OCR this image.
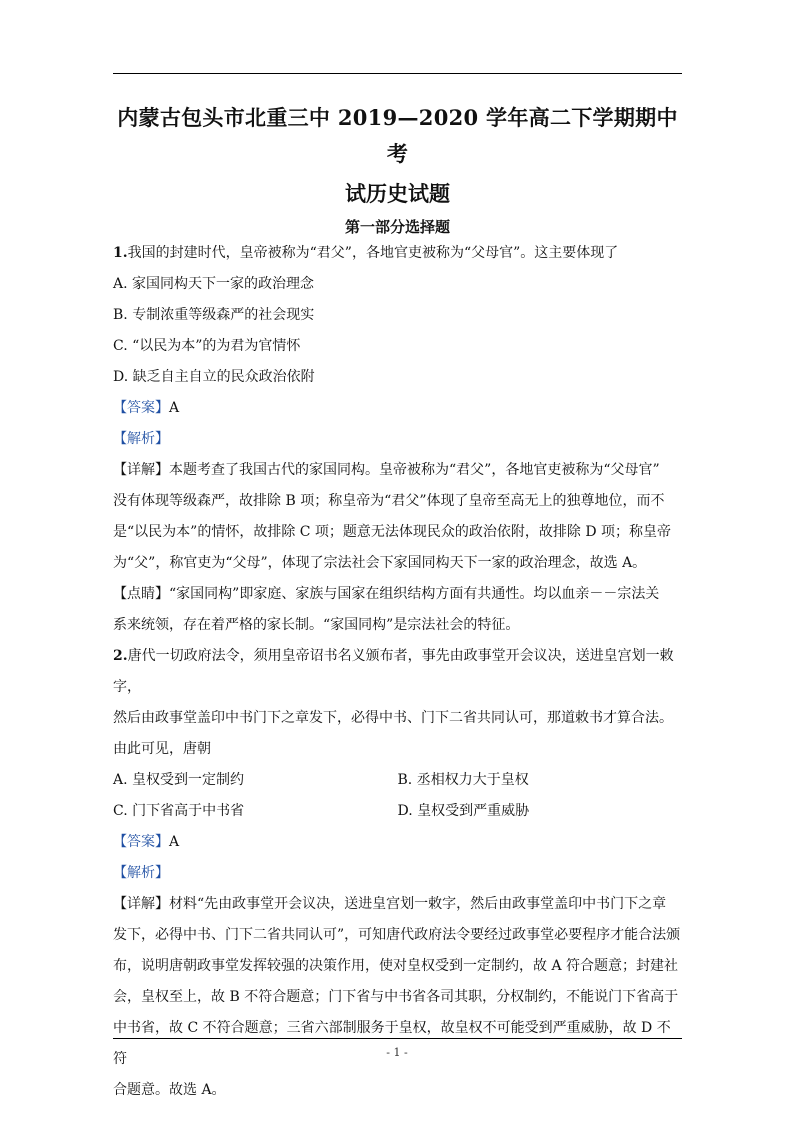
内蒙古包头市北重三中 2019—2020 学年高二下学期期中考
试历史试题
第一部分选择题

1.我国的封建时代，皇帝被称为“君父”，各地官吏被称为“父母官”。这主要体现了

A. 家国同构天下一家的政治理念
B. 专制浓重等级森严的社会现实
C. “以民为本”的为君为官情怀
D. 缺乏自主自立的民众政治依附

【答案】A

【解析】

【详解】本题考查了我国古代的家国同构。皇帝被称为“君父”，各地官吏被称为“父母官”

没有体现等级森严，故排除 B 项；称皇帝为“君父”体现了皇帝至高无上的独尊地位，而不

是“以民为本”的情怀，故排除 C 项；题意无法体现民众的政治依附，故排除 D 项；称皇帝

为“父”，称官吏为“父母”，体现了宗法社会下家国同构天下一家的政治理念，故选 A。

【点睛】“家国同构”即家庭、家族与国家在组织结构方面有共通性。均以血亲－－宗法关

系来统领，存在着严格的家长制。“家国同构”是宗法社会的特征。

2.唐代一切政府法令，须用皇帝诏书名义颁布者，事先由政事堂开会议决，送进皇宫划一敕字，

然后由政事堂盖印中书门下之章发下，必得中书、门下二省共同认可，那道敕书才算合法。

由此可见，唐朝

A. 皇权受到一定制约	B. 丞相权力大于皇权
C. 门下省高于中书省	D. 皇权受到严重威胁

【答案】A

【解析】

【详解】材料“先由政事堂开会议决，送进皇宫划一敕字，然后由政事堂盖印中书门下之章

发下，必得中书、门下二省共同认可”，可知唐代政府法令要经过政事堂必要程序才能合法颁

布，说明唐朝政事堂发挥较强的决策作用，使对皇权受到一定制约，故 A 符合题意；封建社

会，皇权至上，故 B 不符合题意；门下省与中书省各司其职，分权制约，不能说门下省高于

中书省，故 C 不符合题意；三省六部制服务于皇权，故皇权不可能受到严重威胁，故 D 不符

合题意。故选 A。

- 1 -
